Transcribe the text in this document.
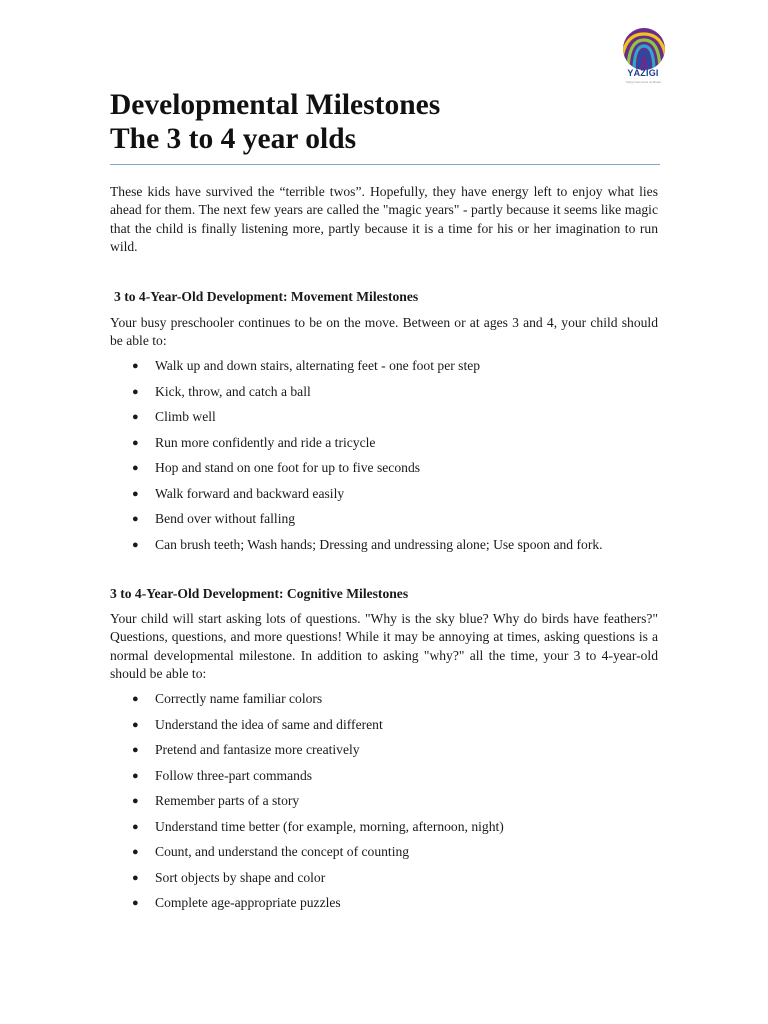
YÁZIGI
Yázigi Internexus do Brasil
Developmental Milestones
The 3 to 4 year olds

These kids have survived the “terrible twos”. Hopefully, they have energy left to enjoy what lies ahead for them. The next few years are called the "magic years" - partly because it seems like magic that the child is finally listening more, partly because it is a time for his or her imagination to run wild.

3 to 4-Year-Old Development: Movement Milestones

Your busy preschooler continues to be on the move. Between or at ages 3 and 4, your child should be able to:

● Walk up and down stairs, alternating feet - one foot per step
● Kick, throw, and catch a ball
● Climb well
● Run more confidently and ride a tricycle
● Hop and stand on one foot for up to five seconds
● Walk forward and backward easily
● Bend over without falling
● Can brush teeth; Wash hands; Dressing and undressing alone; Use spoon and fork.
3 to 4-Year-Old Development: Cognitive Milestones

Your child will start asking lots of questions. "Why is the sky blue? Why do birds have feathers?" Questions, questions, and more questions! While it may be annoying at times, asking questions is a normal developmental milestone. In addition to asking "why?" all the time, your 3 to 4-year-old should be able to:

● Correctly name familiar colors
● Understand the idea of same and different
● Pretend and fantasize more creatively
● Follow three-part commands
● Remember parts of a story
● Understand time better (for example, morning, afternoon, night)
● Count, and understand the concept of counting
● Sort objects by shape and color
● Complete age-appropriate puzzles
